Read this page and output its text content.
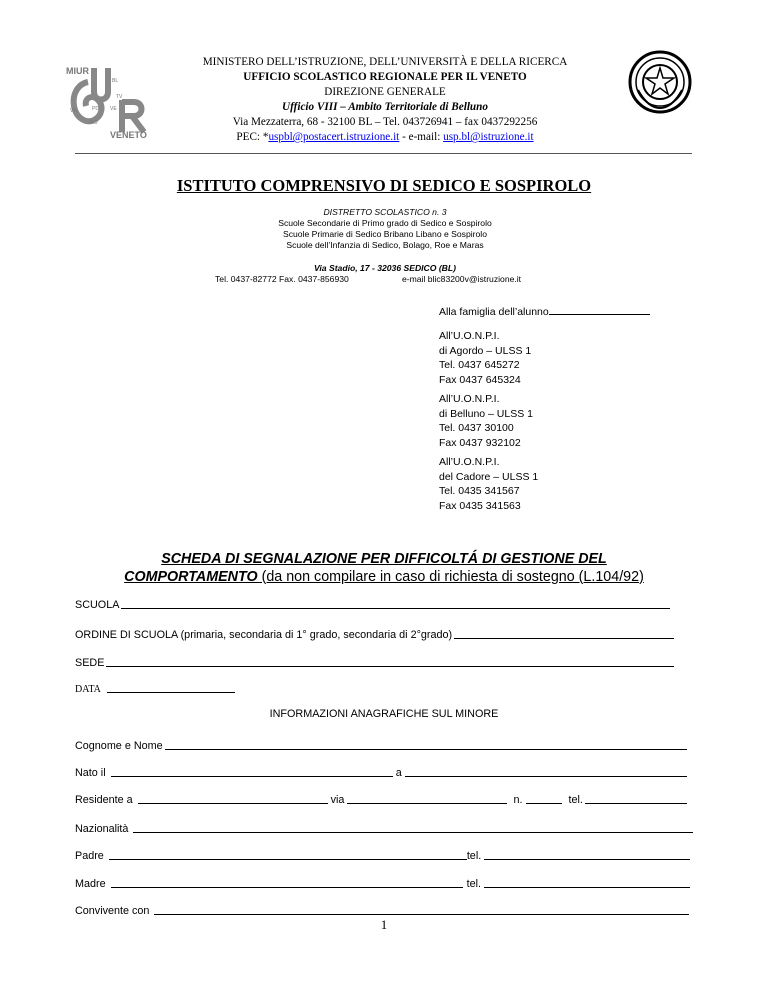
MIUR
BL
TV
VR	PD VE
RO
VENETO
MINISTERO DELL’ISTRUZIONE, DELL’UNIVERSITÀ E DELLA RICERCA
UFFICIO SCOLASTICO REGIONALE PER IL VENETO
DIREZIONE GENERALE
Ufficio VIII – Ambito Territoriale di Belluno
Via Mezzaterra, 68 - 32100 BL – Tel. 043726941 – fax 0437292256
PEC: *uspbl@postacert.istruzione.it - e-mail: usp.bl@istruzione.it
ISTITUTO COMPRENSIVO DI SEDICO E SOSPIROLO
DISTRETTO SCOLASTICO n. 3
Scuole Secondarie di Primo grado di Sedico e Sospirolo
Scuole Primarie di Sedico Bribano Libano e Sospirolo
Scuole dell’Infanzia di Sedico, Bolago, Roe e Maras
Via Stadio, 17 - 32036 SEDICO (BL)
Tel. 0437-82772 Fax. 0437-856930	e-mail blic83200v@istruzione.it
Alla famiglia dell’alunno
All’U.O.N.P.I.
di Agordo – ULSS 1
Tel. 0437 645272
Fax 0437 645324
All’U.O.N.P.I.
di Belluno – ULSS 1
Tel. 0437 30100
Fax 0437 932102
All’U.O.N.P.I.
del Cadore – ULSS 1
Tel. 0435 341567
Fax 0435 341563
SCHEDA DI SEGNALAZIONE PER DIFFICOLTÁ DI GESTIONE DEL
COMPORTAMENTO (da non compilare in caso di richiesta di sostegno (L.104/92)
SCUOLA
ORDINE DI SCUOLA (primaria, secondaria di 1° grado, secondaria di 2°grado)
SEDE
DATA
INFORMAZIONI ANAGRAFICHE SUL MINORE
Cognome e Nome
Nato il	a
Residente a	via	n.	tel.
Nazionalità
Padre	tel.
Madre	tel.
Convivente con
1
